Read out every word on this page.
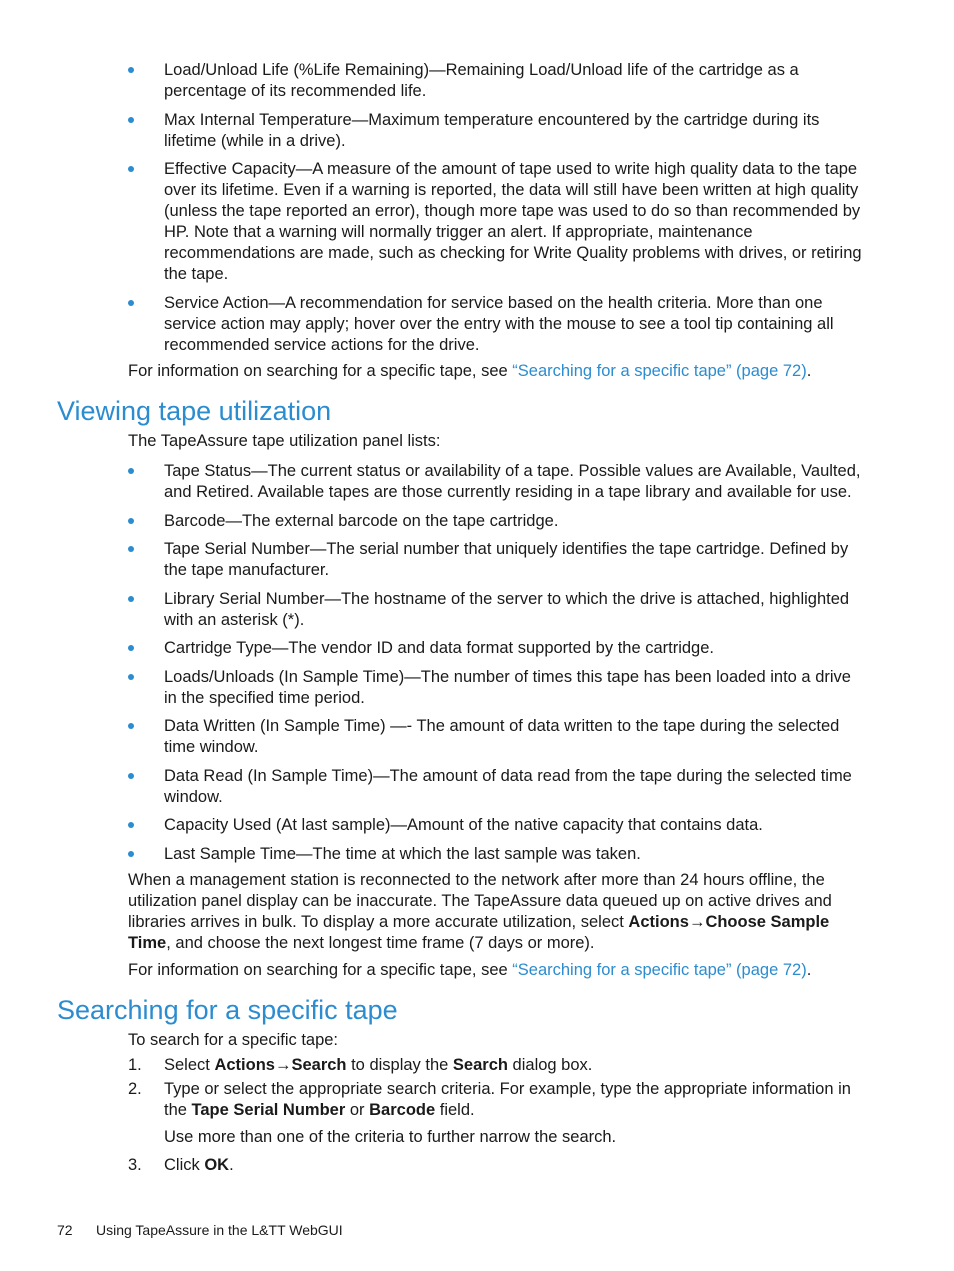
Load/Unload Life (%Life Remaining)—Remaining Load/Unload life of the cartridge as a percentage of its recommended life.
Max Internal Temperature—Maximum temperature encountered by the cartridge during its lifetime (while in a drive).
Effective Capacity—A measure of the amount of tape used to write high quality data to the tape over its lifetime. Even if a warning is reported, the data will still have been written at high quality (unless the tape reported an error), though more tape was used to do so than recommended by HP. Note that a warning will normally trigger an alert. If appropriate, maintenance recommendations are made, such as checking for Write Quality problems with drives, or retiring the tape.
Service Action—A recommendation for service based on the health criteria. More than one service action may apply; hover over the entry with the mouse to see a tool tip containing all recommended service actions for the drive.

For information on searching for a specific tape, see “Searching for a specific tape” (page 72).

Viewing tape utilization

The TapeAssure tape utilization panel lists:

Tape Status—The current status or availability of a tape. Possible values are Available, Vaulted, and Retired. Available tapes are those currently residing in a tape library and available for use.
Barcode—The external barcode on the tape cartridge.
Tape Serial Number—The serial number that uniquely identifies the tape cartridge. Defined by the tape manufacturer.
Library Serial Number—The hostname of the server to which the drive is attached, highlighted with an asterisk (*).
Cartridge Type—The vendor ID and data format supported by the cartridge.
Loads/Unloads (In Sample Time)—The number of times this tape has been loaded into a drive in the specified time period.
Data Written (In Sample Time) —- The amount of data written to the tape during the selected time window.
Data Read (In Sample Time)—The amount of data read from the tape during the selected time window.
Capacity Used (At last sample)—Amount of the native capacity that contains data.
Last Sample Time—The time at which the last sample was taken.

When a management station is reconnected to the network after more than 24 hours offline, the utilization panel display can be inaccurate. The TapeAssure data queued up on active drives and libraries arrives in bulk. To display a more accurate utilization, select Actions→Choose Sample Time, and choose the next longest time frame (7 days or more).

For information on searching for a specific tape, see “Searching for a specific tape” (page 72).

Searching for a specific tape

To search for a specific tape:

1. Select Actions→Search to display the Search dialog box.
2. Type or select the appropriate search criteria. For example, type the appropriate information in the Tape Serial Number or Barcode field.
Use more than one of the criteria to further narrow the search.
3. Click OK.
72 Using TapeAssure in the L&TT WebGUI
